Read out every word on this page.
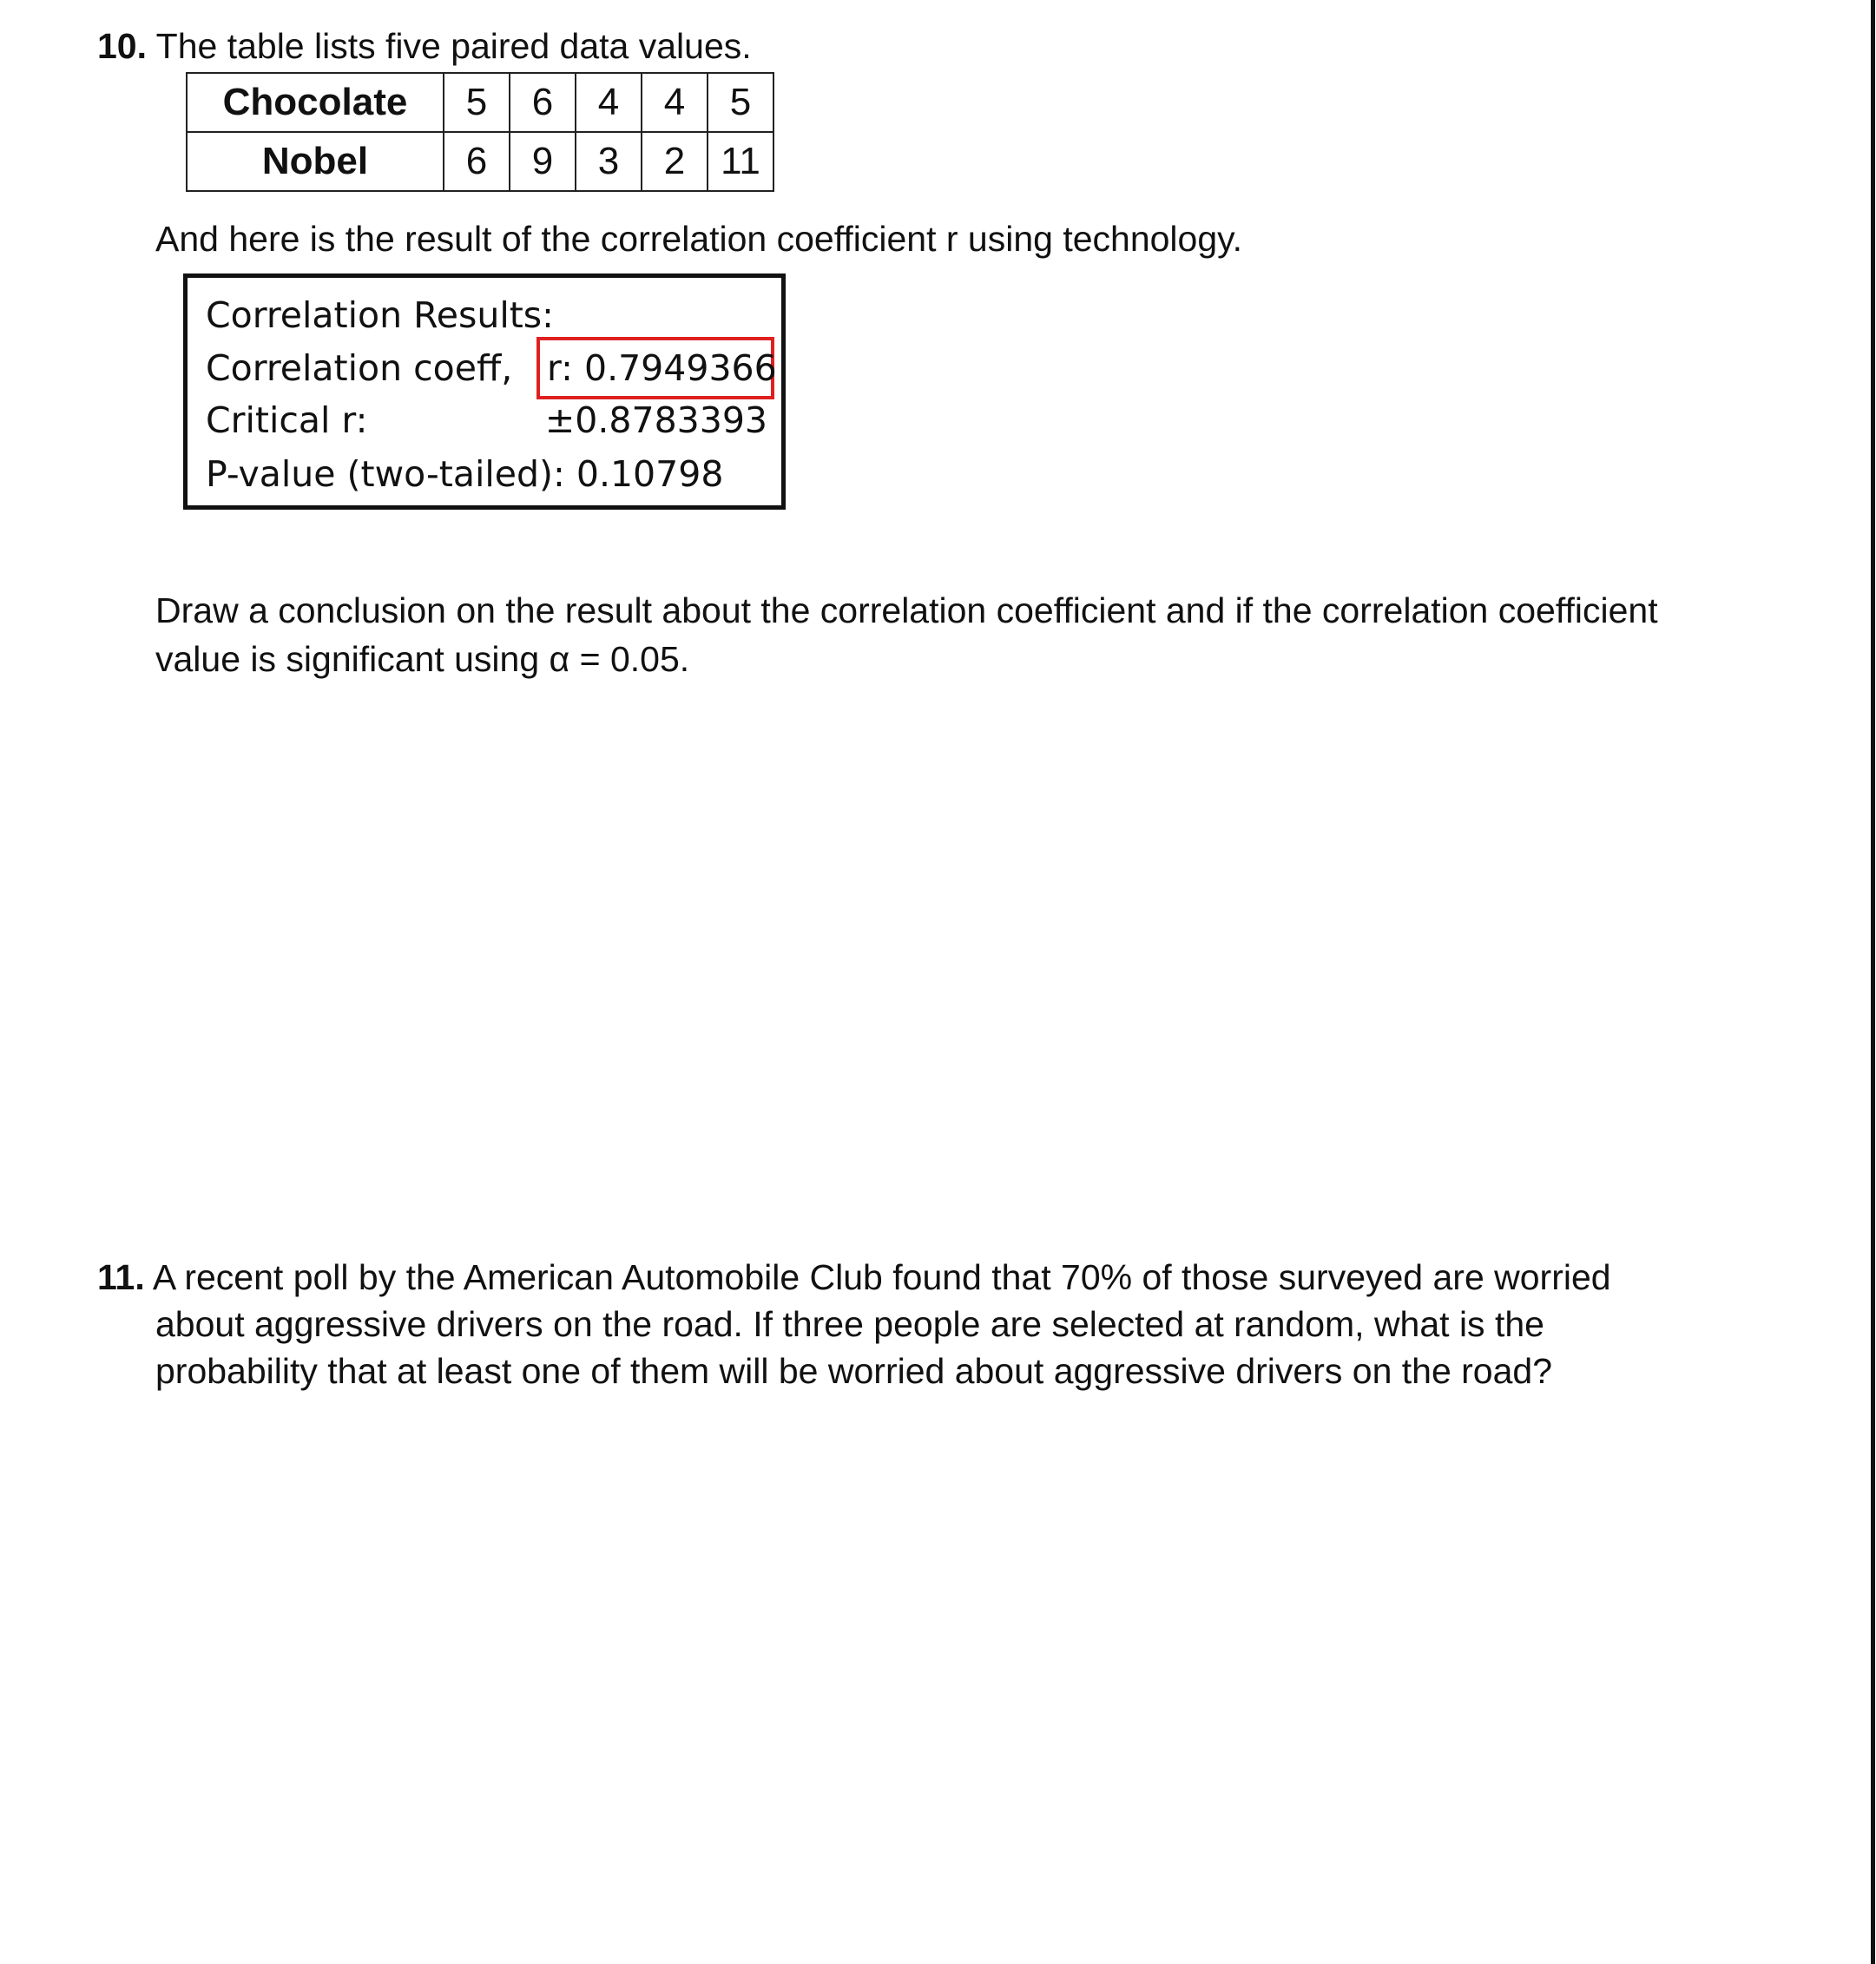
10. The table lists five paired data values.
Chocolate	5	6	4	4	5
Nobel	6	9	3	2	11
And here is the result of the correlation coefficient r using technology.
Correlation Results:
Correlation coeff, r: 0.7949366
Critical r:	±0.8783393
P-value (two-tailed): 0.10798
Draw a conclusion on the result about the correlation coefficient and if the correlation coefficient
value is significant using α = 0.05.
11. A recent poll by the American Automobile Club found that 70% of those surveyed are worried
about aggressive drivers on the road. If three people are selected at random, what is the
probability that at least one of them will be worried about aggressive drivers on the road?
